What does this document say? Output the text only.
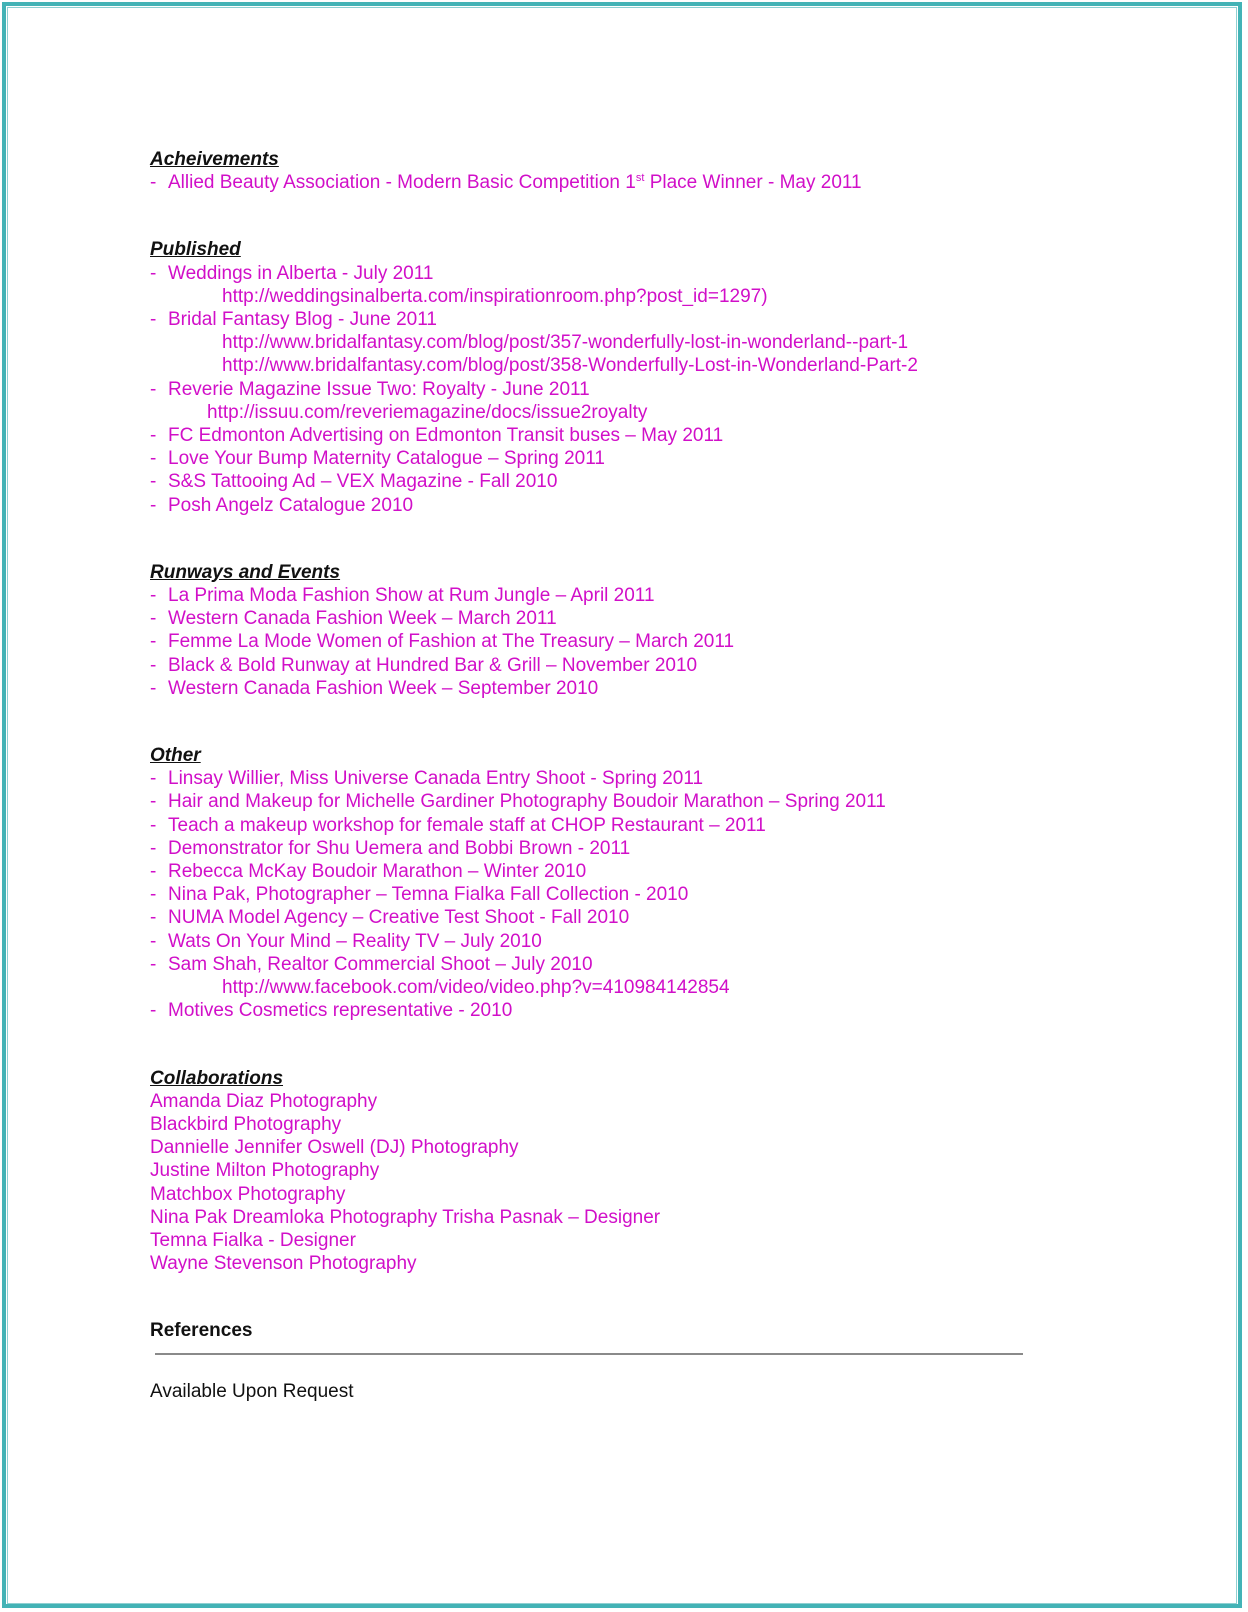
Acheivements
- Allied Beauty Association - Modern Basic Competition 1st Place Winner - May 2011
Published
- Weddings in Alberta - July 2011
http://weddingsinalberta.com/inspirationroom.php?post_id=1297)
- Bridal Fantasy Blog - June 2011
http://www.bridalfantasy.com/blog/post/357-wonderfully-lost-in-wonderland--part-1
http://www.bridalfantasy.com/blog/post/358-Wonderfully-Lost-in-Wonderland-Part-2
- Reverie Magazine Issue Two: Royalty - June 2011
http://issuu.com/reveriemagazine/docs/issue2royalty
- FC Edmonton Advertising on Edmonton Transit buses – May 2011
- Love Your Bump Maternity Catalogue – Spring 2011
- S&S Tattooing Ad – VEX Magazine - Fall 2010
- Posh Angelz Catalogue 2010
Runways and Events
- La Prima Moda Fashion Show at Rum Jungle – April 2011
- Western Canada Fashion Week – March 2011
- Femme La Mode Women of Fashion at The Treasury – March 2011
- Black & Bold Runway at Hundred Bar & Grill – November 2010
- Western Canada Fashion Week – September 2010
Other
- Linsay Willier, Miss Universe Canada Entry Shoot - Spring 2011
- Hair and Makeup for Michelle Gardiner Photography Boudoir Marathon – Spring 2011
- Teach a makeup workshop for female staff at CHOP Restaurant – 2011
- Demonstrator for Shu Uemera and Bobbi Brown - 2011
- Rebecca McKay Boudoir Marathon – Winter 2010
- Nina Pak, Photographer – Temna Fialka Fall Collection - 2010
- NUMA Model Agency – Creative Test Shoot - Fall 2010
- Wats On Your Mind – Reality TV – July 2010
- Sam Shah, Realtor Commercial Shoot – July 2010
http://www.facebook.com/video/video.php?v=410984142854
- Motives Cosmetics representative - 2010
Collaborations
Amanda Diaz Photography
Blackbird Photography
Dannielle Jennifer Oswell (DJ) Photography
Justine Milton Photography
Matchbox Photography
Nina Pak Dreamloka Photography Trisha Pasnak – Designer
Temna Fialka - Designer
Wayne Stevenson Photography
References
Available Upon Request
